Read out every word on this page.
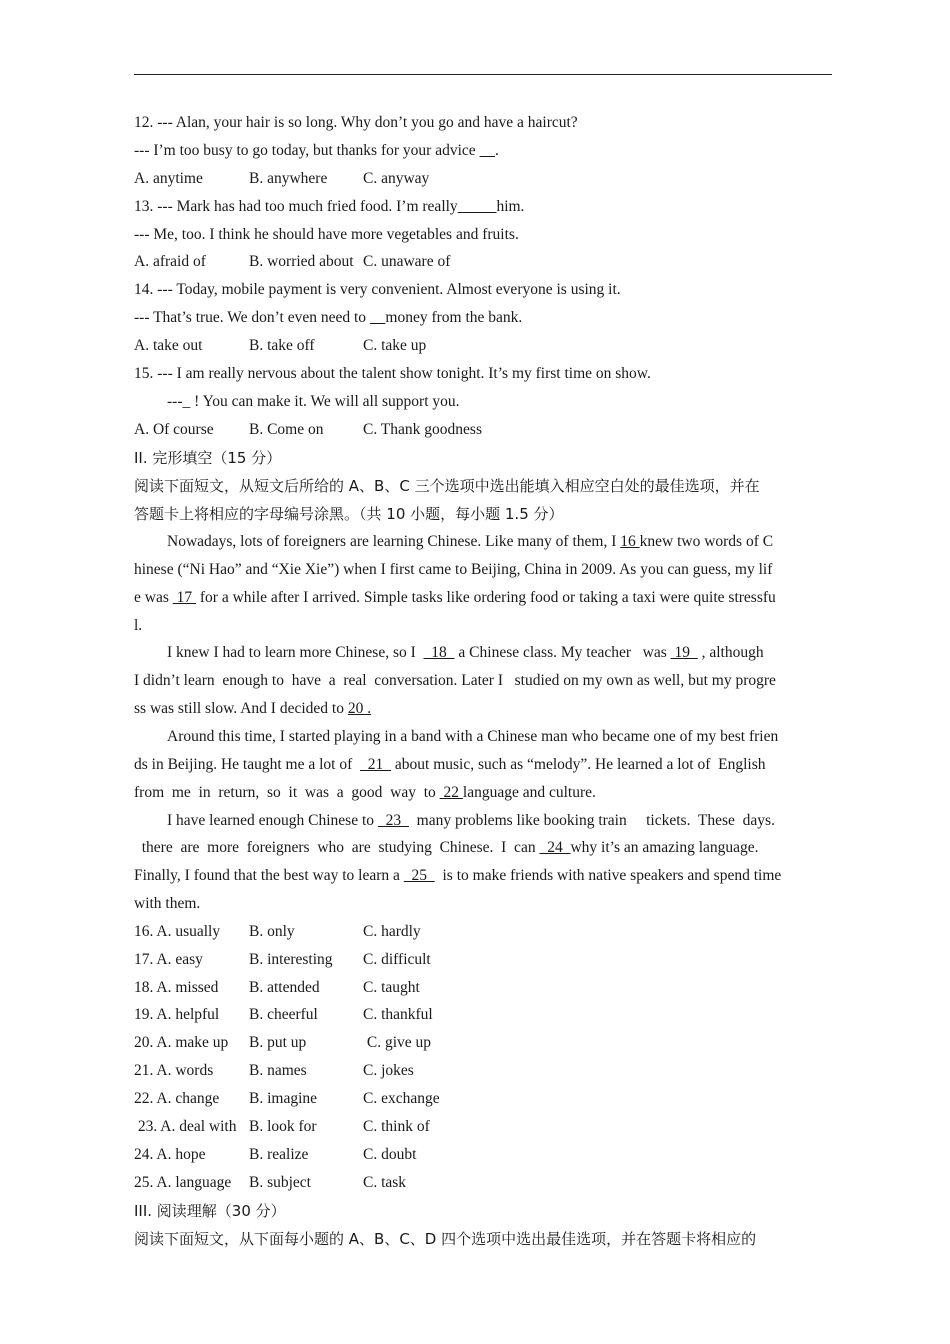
12. --- Alan, your hair is so long. Why don’t you go and have a haircut?
--- I’m too busy to go today, but thanks for your advice     .
A. anytime	B. anywhere C. anyway
13. --- Mark has had too much fried food. I’m really	him.
--- Me, too. I think he should have more vegetables and fruits.
A. afraid of	B. worried about C. unaware of
14. --- Today, mobile payment is very convenient. Almost everyone is using it.
--- That’s true. We don’t even need to     money from the bank.
A. take out	B. take off	C. take up
15. --- I am really nervous about the talent show tonight. It’s my first time on show.
---_ ! You can make it. We will all support you.
A. Of course B. Come on	C. Thank goodness
II. 完形填空（15 分）
阅读下面短文，从短文后所给的 A、B、C 三个选项中选出能填入相应空白处的最佳选项，并在
答题卡上将相应的字母编号涂黑。（共 10 小题，每小题 1.5 分）
Nowadays, lots of foreigners are learning Chinese. Like many of them, I 16 knew two words of C
hinese (“Ni Hao” and “Xie Xie”) when I first came to Beijing, China in 2009. As you can guess, my lif
e was  17  for a while after I arrived. Simple tasks like ordering food or taking a taxi were quite stressfu
l.
I knew I had to learn more Chinese, so I    18   a Chinese class. My teacher   was  19   , although
I didn’t learn  enough to  have  a  real  conversation. Later I   studied on my own as well, but my progre
ss was still slow. And I decided to 20 .
Around this time, I started playing in a band with a Chinese man who became one of my best frien
ds in Beijing. He taught me a lot of    21   about music, such as “melody”. He learned a lot of  English
from  me  in  return,  so  it  was  a  good  way  to  22 language and culture.
I have learned enough Chinese to   23    many problems like booking train     tickets.  These  days.
there  are  more  foreigners  who  are  studying  Chinese.  I  can   24  why it’s an amazing language.
Finally, I found that the best way to learn a   25    is to make friends with native speakers and spend time
with them.
16. A. usually B. only	C. hardly
17. A. easy	B. interesting C. difficult
18. A. missed B. attended	C. taught
19. A. helpful B. cheerful	C. thankful
20. A. make up B. put up	C. give up
21. A. words B. names	C. jokes
22. A. change B. imagine	C. exchange
23. A. deal with B. look for	C. think of
24. A. hope	B. realize	C. doubt
25. A. language B. subject	C. task
III. 阅读理解（30 分）
阅读下面短文，从下面每小题的 A、B、C、D 四个选项中选出最佳选项，并在答题卡将相应的
